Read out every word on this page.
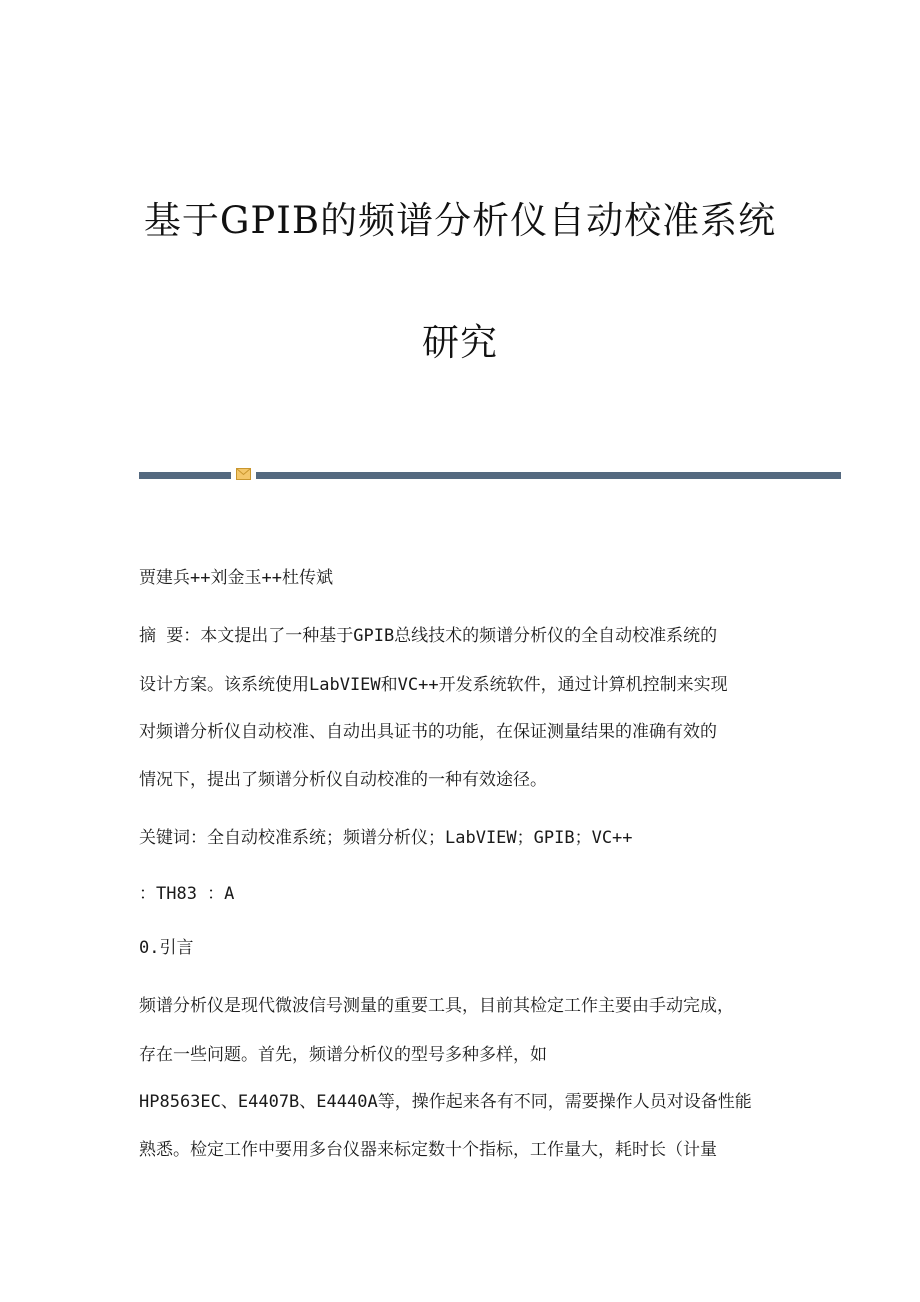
基于GPIB的频谱分析仪自动校准系统
研究
贾建兵++刘金玉++杜传斌
摘 要：本文提出了一种基于GPIB总线技术的频谱分析仪的全自动校准系统的
设计方案。该系统使用LabVIEW和VC++开发系统软件，通过计算机控制来实现
对频谱分析仪自动校准、自动出具证书的功能，在保证测量结果的准确有效的
情况下，提出了频谱分析仪自动校准的一种有效途径。
关键词：全自动校准系统；频谱分析仪；LabVIEW；GPIB；VC++
：TH83 ：A
0.引言
频谱分析仪是现代微波信号测量的重要工具，目前其检定工作主要由手动完成，
存在一些问题。首先，频谱分析仪的型号多种多样，如
HP8563EC、E4407B、E4440A等，操作起来各有不同，需要操作人员对设备性能
熟悉。检定工作中要用多台仪器来标定数十个指标，工作量大，耗时长（计量
